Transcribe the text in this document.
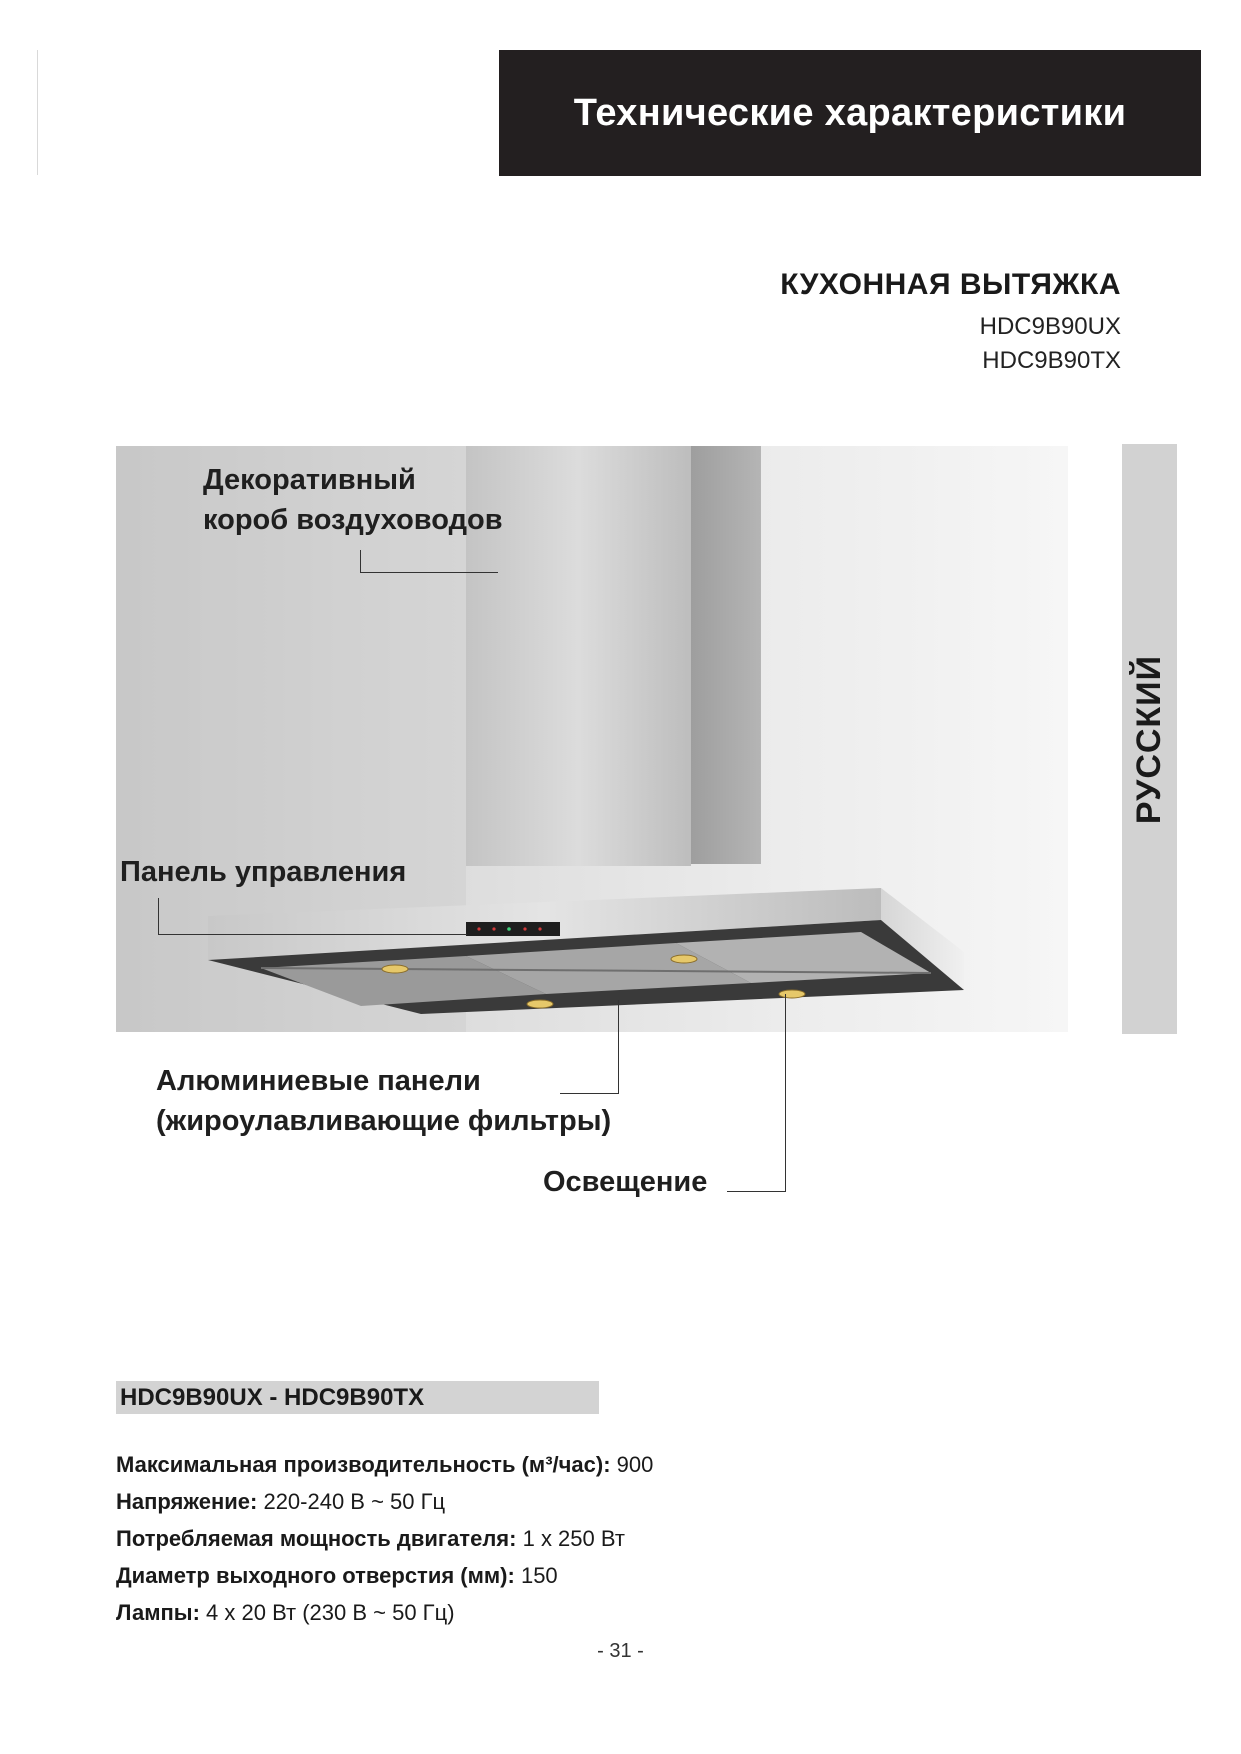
Технические характеристики
КУХОННАЯ ВЫТЯЖКА
HDC9B90UX
HDC9B90TX
РУССКИЙ
Декоративный
короб воздуховодов
Панель управления
Алюминиевые панели
(жироулавливающие фильтры)
Освещение
HDC9B90UX - HDC9B90TX
Максимальная производительность (м³/час): 900
Напряжение: 220-240 В ~ 50 Гц
Потребляемая мощность двигателя: 1 x 250 Вт
Диаметр выходного отверстия (мм): 150
Лампы: 4 x 20 Вт (230 В ~ 50 Гц)
- 31 -
